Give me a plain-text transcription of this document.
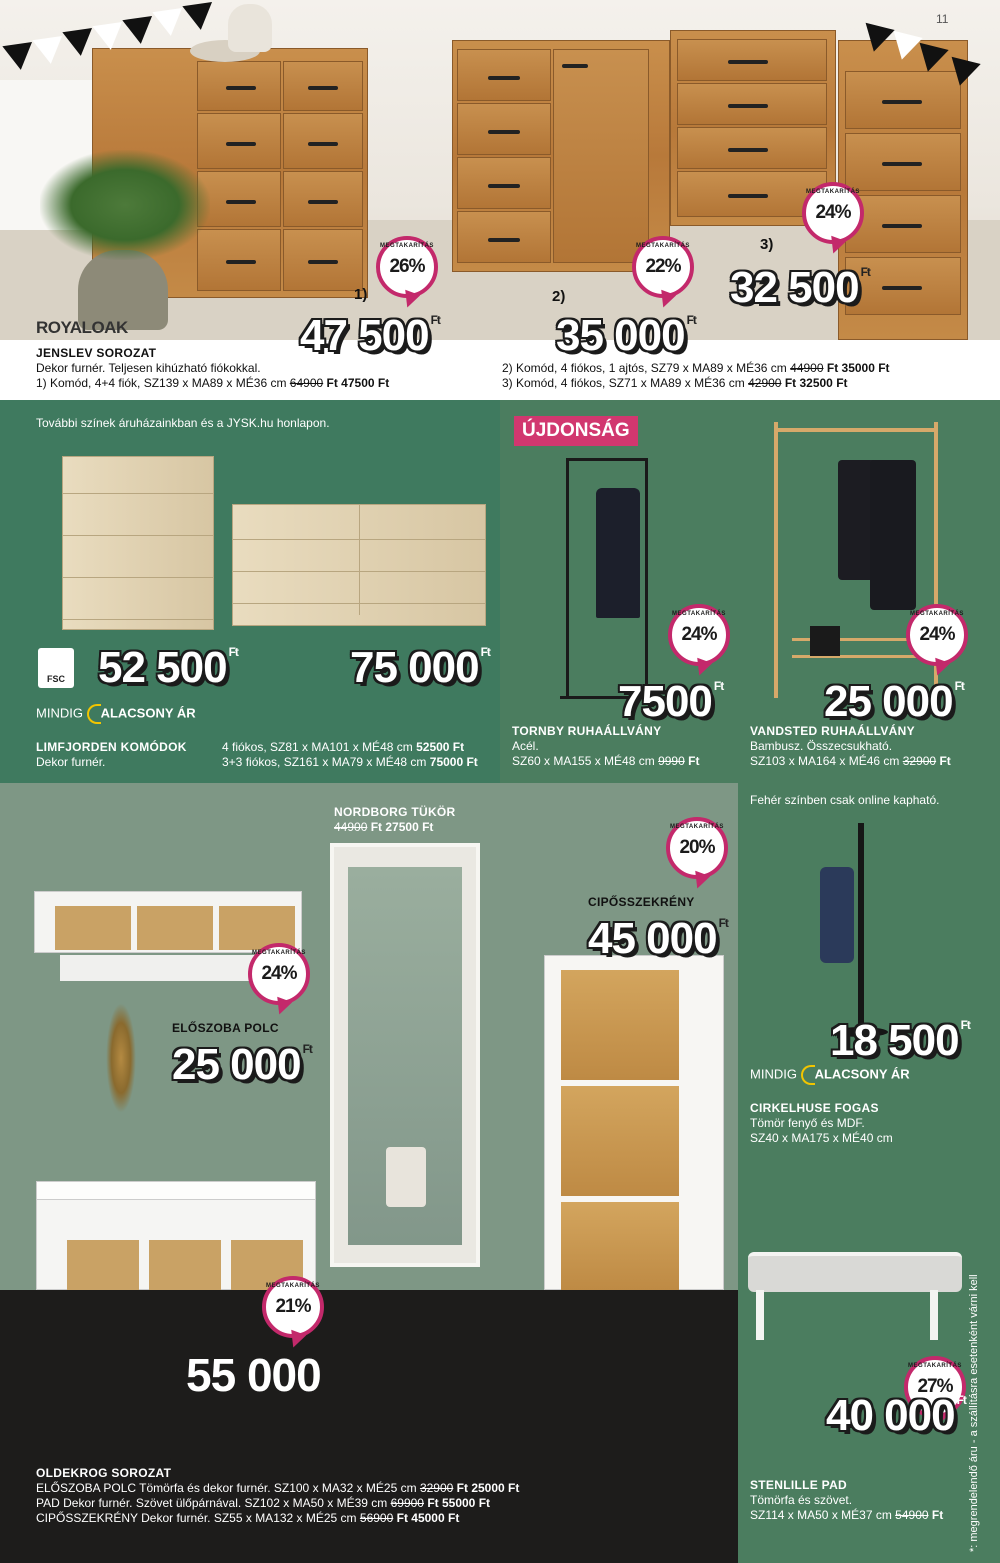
11
MEGTAKARÍTÁS
26%
MEGTAKARÍTÁS
22%
MEGTAKARÍTÁS
24%
1)	2)
3)
47 500 $^{Ft}$	35 000 $^{Ft}$
32 500 $^{Ft}$
ROYALOAK
JENSLEV SOROZAT
Dekor furnér. Teljesen kihúzható fiókokkal.
1) Komód, 4+4 fiók, SZ139 x MA89 x MÉ36 cm 64900 Ft 47500 Ft
2) Komód, 4 fiókos, 1 ajtós, SZ79 x MA89 x MÉ36 cm 44900 Ft 35000 Ft
3) Komód, 4 fiókos, SZ71 x MA89 x MÉ36 cm 42900 Ft 32500 Ft
További színek áruházainkban és a JYSK.hu honlapon.
FSC 52 500 $^{Ft}$	75 000 $^{Ft}$
MINDIG ALACSONY ÁR
LIMFJORDEN KOMÓDOK
Dekor furnér.
4 fiókos, SZ81 x MA101 x MÉ48 cm 52500 Ft
3+3 fiókos, SZ161 x MA79 x MÉ48 cm 75000 Ft
ÚJDONSÁG
MEGTAKARÍTÁS
24%
7500 $^{Ft}$
TORNBY RUHAÁLLVÁNY
Acél.
SZ60 x MA155 x MÉ48 cm 9990 Ft
MEGTAKARÍTÁS
24%
25 000 $^{Ft}$
VANDSTED RUHAÁLLVÁNY
Bambusz. Összecsukható.
SZ103 x MA164 x MÉ46 cm 32900 Ft
NORDBORG TÜKÖR
44900 Ft 27500 Ft	MEGTAKARÍTÁS
20%
CIPŐSSZEKRÉNY
45 000 $^{Ft}$
MEGTAKARÍTÁS
24%
ELŐSZOBA POLC
25 000 $^{Ft}$
Fehér színben csak online kapható.
18 500 $^{Ft}$
MINDIG ALACSONY ÁR
CIRKELHUSE FOGAS
Tömör fenyő és MDF.
SZ40 x MA175 x MÉ40 cm
MEGTAKARÍTÁS
21%
55 000
OLDEKROG SOROZAT
ELŐSZOBA POLC Tömörfa és dekor furnér. SZ100 x MA32 x MÉ25 cm 32900 Ft 25000 Ft
PAD Dekor furnér. Szövet ülőpárnával. SZ102 x MA50 x MÉ39 cm 69900 Ft 55000 Ft
CIPŐSSZEKRÉNY Dekor furnér. SZ55 x MA132 x MÉ25 cm 56900 Ft 45000 Ft
MEGTAKARÍTÁS
27%
40 000 $^{Ft}$
STENLILLE PAD
Tömörfa és szövet.
SZ114 x MA50 x MÉ37 cm 54900 Ft *: megrendelendő áru - a szállításra esetenként várni kell
